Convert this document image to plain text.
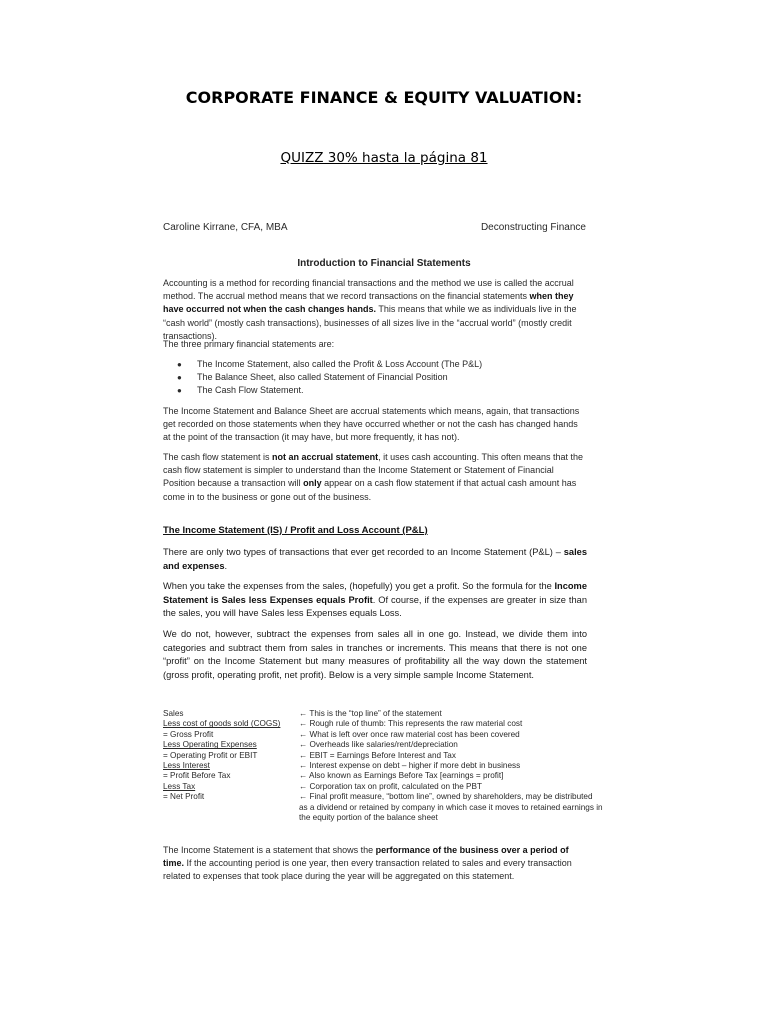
CORPORATE FINANCE & EQUITY VALUATION:
QUIZZ 30% hasta la página 81
Caroline Kirrane, CFA, MBA	Deconstructing Finance
Introduction to Financial Statements
Accounting is a method for recording financial transactions and the method we use is called the accrual method. The accrual method means that we record transactions on the financial statements when they have occurred not when the cash changes hands. This means that while we as individuals live in the “cash world” (mostly cash transactions), businesses of all sizes live in the “accrual world” (mostly credit transactions).
The three primary financial statements are:
●	The Income Statement, also called the Profit & Loss Account (The P&L)
●	The Balance Sheet, also called Statement of Financial Position
●	The Cash Flow Statement.
The Income Statement and Balance Sheet are accrual statements which means, again, that transactions get recorded on those statements when they have occurred whether or not the cash has changed hands at the point of the transaction (it may have, but more frequently, it has not).
The cash flow statement is not an accrual statement, it uses cash accounting. This often means that the cash flow statement is simpler to understand than the Income Statement or Statement of Financial Position because a transaction will only appear on a cash flow statement if that actual cash amount has come in to the business or gone out of the business.
The Income Statement (IS) / Profit and Loss Account (P&L)
There are only two types of transactions that ever get recorded to an Income Statement (P&L) – sales and expenses.
When you take the expenses from the sales, (hopefully) you get a profit. So the formula for the Income Statement is Sales less Expenses equals Profit. Of course, if the expenses are greater in size than the sales, you will have Sales less Expenses equals Loss.
We do not, however, subtract the expenses from sales all in one go. Instead, we divide them into categories and subtract them from sales in tranches or increments. This means that there is not one “profit” on the Income Statement but many measures of profitability all the way down the statement (gross profit, operating profit, net profit). Below is a very simple sample Income Statement.
Sales	← This is the “top line” of the statement
Less cost of goods sold (COGS)	← Rough rule of thumb: This represents the raw material cost
= Gross Profit	← What is left over once raw material cost has been covered
Less Operating Expenses	← Overheads like salaries/rent/depreciation
= Operating Profit or EBIT	← EBIT = Earnings Before Interest and Tax
Less Interest	← Interest expense on debt – higher if more debt in business
= Profit Before Tax	← Also known as Earnings Before Tax [earnings = profit]
Less Tax	← Corporation tax on profit, calculated on the PBT
= Net Profit	← Final profit measure, “bottom line”, owned by shareholders, may be distributed as a dividend or retained by company in which case it moves to retained earnings in the equity portion of the balance sheet
The Income Statement is a statement that shows the performance of the business over a period of time. If the accounting period is one year, then every transaction related to sales and every transaction related to expenses that took place during the year will be aggregated on this statement.
